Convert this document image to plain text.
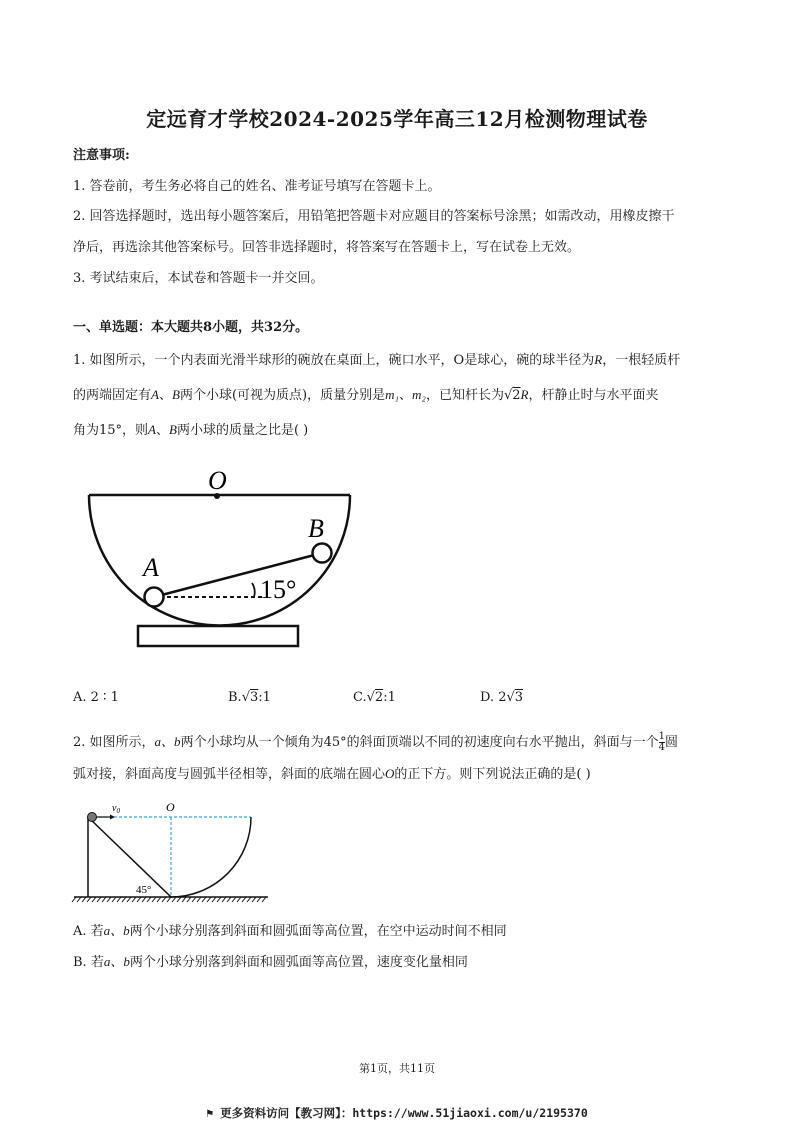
定远育才学校2024-2025学年高三12月检测物理试卷
注意事项:
1. 答卷前，考生务必将自己的姓名、准考证号填写在答题卡上。
2. 回答选择题时，选出每小题答案后，用铅笔把答题卡对应题目的答案标号涂黑；如需改动，用橡皮擦干
净后，再选涂其他答案标号。回答非选择题时，将答案写在答题卡上，写在试卷上无效。
3. 考试结束后，本试卷和答题卡一并交回。
一、单选题：本大题共8小题，共32分。
1. 如图所示，一个内表面光滑半球形的碗放在桌面上，碗口水平，O是球心，碗的球半径为R，一根轻质杆
的两端固定有A、B两个小球(可视为质点)，质量分别是m₁、m₂，已知杆长为√2R，杆静止时与水平面夹
角为15°，则A、B两小球的质量之比是( )
O
15°
A
B
A. 2 ∶ 1	B.√3:1	C.√2:1	D. 2√3
2. 如图所示，a、b两个小球均从一个倾角为45°的斜面顶端以不同的初速度向右水平抛出，斜面与一个 $\frac{1}{4}$ 圆
弧对接，斜面高度与圆弧半径相等，斜面的底端在圆心O的正下方。则下列说法正确的是( )
$v_0$	O
45°
A. 若a、b两个小球分别落到斜面和圆弧面等高位置，在空中运动时间不相同
B. 若a、b两个小球分别落到斜面和圆弧面等高位置，速度变化量相同
第1页，共11页
⚑ 更多资料访问【教习网】：https://www.51jiaoxi.com/u/2195370
